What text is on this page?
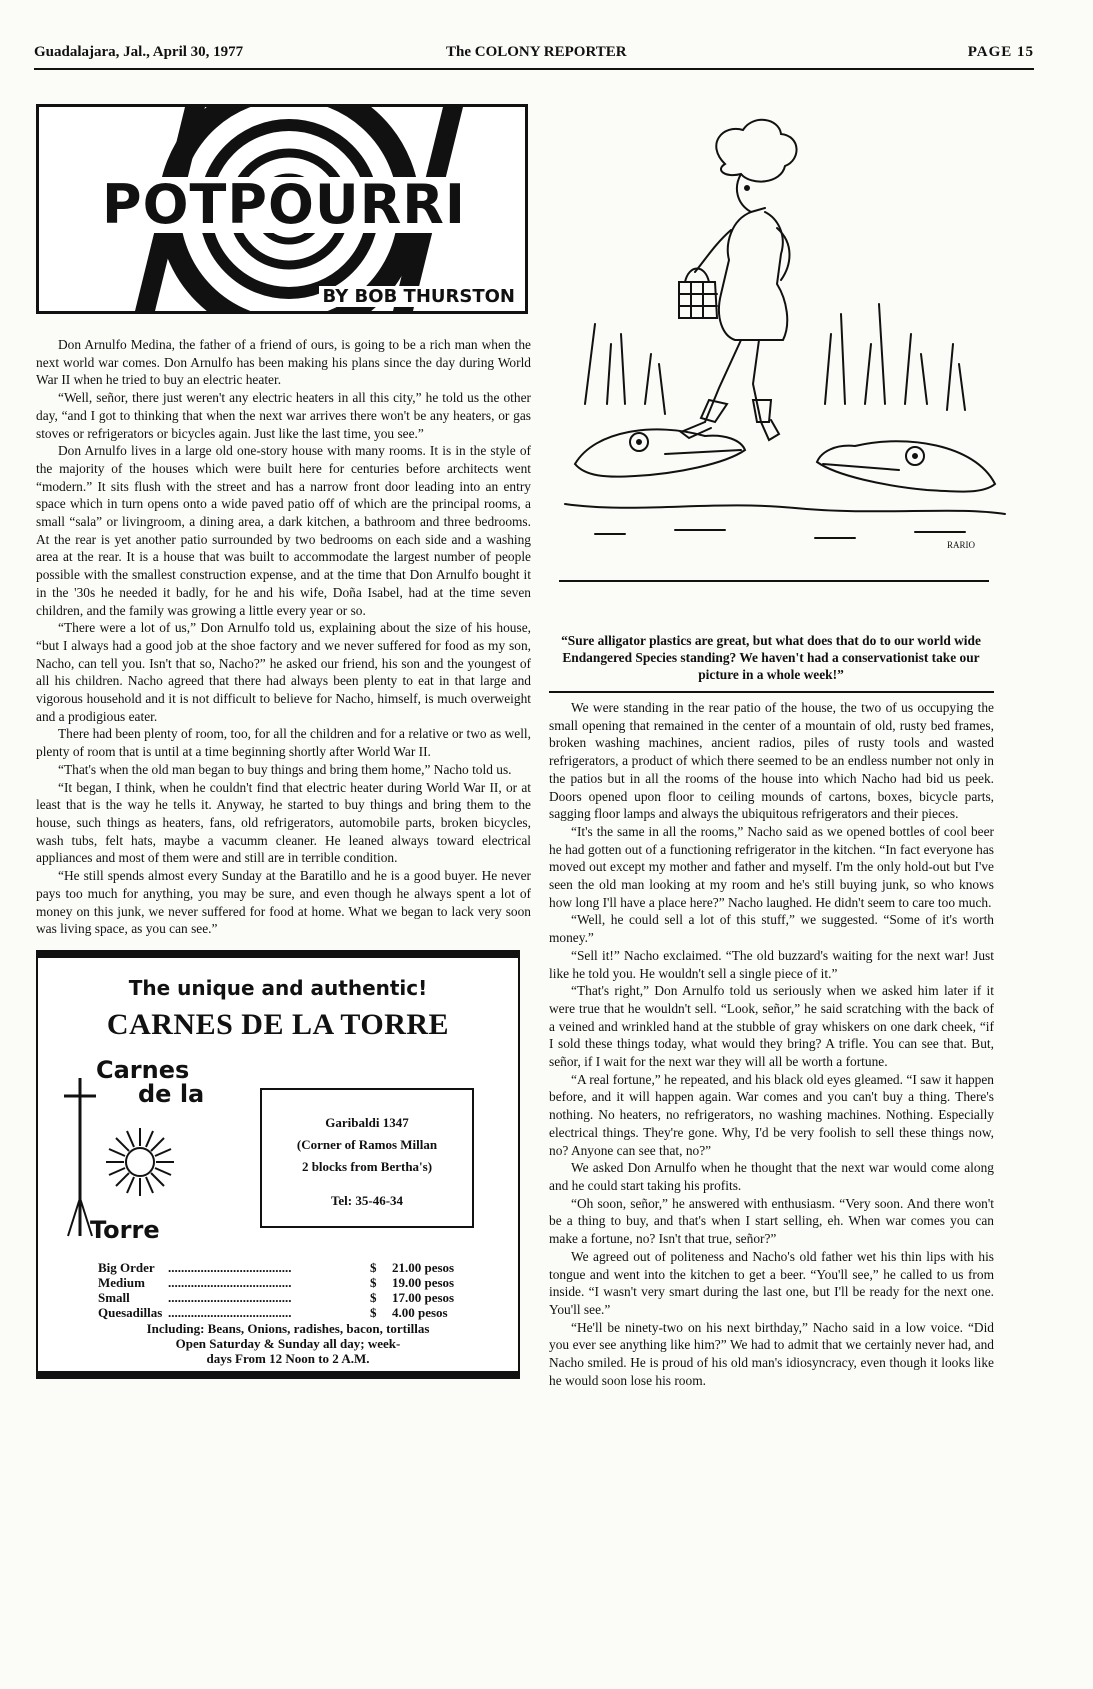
Guadalajara, Jal., April 30, 1977	The COLONY REPORTER	PAGE 15
POTPOURRI
BY BOB THURSTON

Don Arnulfo Medina, the father of a friend of ours, is going to be a rich man when the next world war comes. Don Arnulfo has been making his plans since the day during World War II when he tried to buy an electric heater.

“Well, señor, there just weren't any electric heaters in all this city,” he told us the other day, “and I got to thinking that when the next war arrives there won't be any heaters, or gas stoves or refrigerators or bicycles again. Just like the last time, you see.”

Don Arnulfo lives in a large old one-story house with many rooms. It is in the style of the majority of the houses which were built here for centuries before architects went “modern.” It sits flush with the street and has a narrow front door leading into an entry space which in turn opens onto a wide paved patio off of which are the principal rooms, a small “sala” or livingroom, a dining area, a dark kitchen, a bathroom and three bedrooms. At the rear is yet another patio surrounded by two bedrooms on each side and a washing area at the rear. It is a house that was built to accommodate the largest number of people possible with the smallest construction expense, and at the time that Don Arnulfo bought it in the '30s he needed it badly, for he and his wife, Doña Isabel, had at the time seven children, and the family was growing a little every year or so.

“There were a lot of us,” Don Arnulfo told us, explaining about the size of his house, “but I always had a good job at the shoe factory and we never suffered for food as my son, Nacho, can tell you. Isn't that so, Nacho?” he asked our friend, his son and the youngest of all his children. Nacho agreed that there had always been plenty to eat in that large and vigorous household and it is not difficult to believe for Nacho, himself, is much overweight and a prodigious eater.

There had been plenty of room, too, for all the children and for a relative or two as well, plenty of room that is until at a time beginning shortly after World War II.

“That's when the old man began to buy things and bring them home,” Nacho told us.

“It began, I think, when he couldn't find that electric heater during World War II, or at least that is the way he tells it. Anyway, he started to buy things and bring them to the house, such things as heaters, fans, old refrigerators, automobile parts, broken bicycles, wash tubs, felt hats, maybe a vacumm cleaner. He leaned always toward electrical appliances and most of them were and still are in terrible condition.

“He still spends almost every Sunday at the Baratillo and he is a good buyer. He never pays too much for anything, you may be sure, and even though he always spent a lot of money on this junk, we never suffered for food at home. What we began to lack very soon was living space, as you can see.”

The unique and authentic!
CARNES DE LA TORRE
Carnes
de la
Torre
Garibaldi 1347
(Corner of Ramos Millan
2 blocks from Bertha's)
Tel: 35-46-34
Big Order ......................................	$ 21.00 pesos
Medium ......................................	$ 19.00 pesos
Small	......................................	$ 17.00 pesos
Quesadillas ......................................	$ 4.00 pesos
Including: Beans, Onions, radishes, bacon, tortillas
Open Saturday & Sunday all day; week-
days From 12 Noon to 2 A.M.
RARIO
“Sure alligator plastics are great, but what does that do to our world wide Endangered Species standing? We haven't had a conservationist take our picture in a whole week!”

We were standing in the rear patio of the house, the two of us occupying the small opening that remained in the center of a mountain of old, rusty bed frames, broken washing machines, ancient radios, piles of rusty tools and wasted refrigerators, a product of which there seemed to be an endless number not only in the patios but in all the rooms of the house into which Nacho had bid us peek. Doors opened upon floor to ceiling mounds of cartons, boxes, bicycle parts, sagging floor lamps and always the ubiquitous refrigerators and their pieces.

“It's the same in all the rooms,” Nacho said as we opened bottles of cool beer he had gotten out of a functioning refrigerator in the kitchen. “In fact everyone has moved out except my mother and father and myself. I'm the only hold-out but I've seen the old man looking at my room and he's still buying junk, so who knows how long I'll have a place here?” Nacho laughed. He didn't seem to care too much.

“Well, he could sell a lot of this stuff,” we suggested. “Some of it's worth money.”

“Sell it!” Nacho exclaimed. “The old buzzard's waiting for the next war! Just like he told you. He wouldn't sell a single piece of it.”

“That's right,” Don Arnulfo told us seriously when we asked him later if it were true that he wouldn't sell. “Look, señor,” he said scratching with the back of a veined and wrinkled hand at the stubble of gray whiskers on one dark cheek, “if I sold these things today, what would they bring? A trifle. You can see that. But, señor, if I wait for the next war they will all be worth a fortune.

“A real fortune,” he repeated, and his black old eyes gleamed. “I saw it happen before, and it will happen again. War comes and you can't buy a thing. There's nothing. No heaters, no refrigerators, no washing machines. Nothing. Especially electrical things. They're gone. Why, I'd be very foolish to sell these things now, no? Anyone can see that, no?”

We asked Don Arnulfo when he thought that the next war would come along and he could start taking his profits.

“Oh soon, señor,” he answered with enthusiasm. “Very soon. And there won't be a thing to buy, and that's when I start selling, eh. When war comes you can make a fortune, no? Isn't that true, señor?”

We agreed out of politeness and Nacho's old father wet his thin lips with his tongue and went into the kitchen to get a beer. “You'll see,” he called to us from inside. “I wasn't very smart during the last one, but I'll be ready for the next one. You'll see.”

“He'll be ninety-two on his next birthday,” Nacho said in a low voice. “Did you ever see anything like him?” We had to admit that we certainly never had, and Nacho smiled. He is proud of his old man's idiosyncracy, even though it looks like he would soon lose his room.
